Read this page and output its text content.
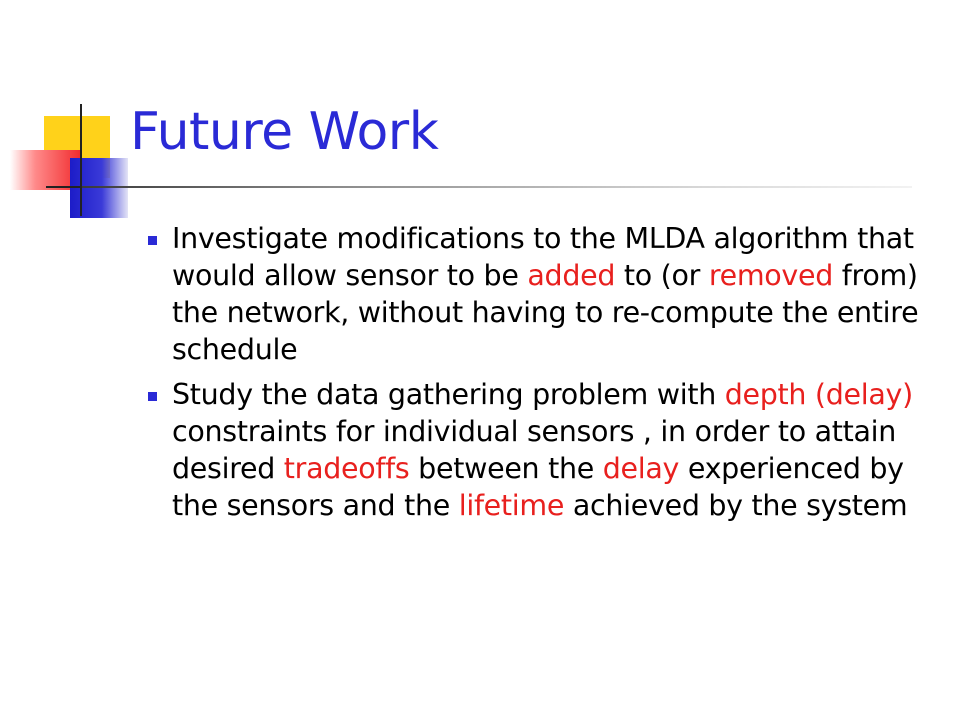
Future Work
Investigate modifications to the MLDA algorithm that would allow sensor to be added to (or removed from) the network, without having to re-compute the entire schedule
Study the data gathering problem with depth (delay) constraints for individual sensors , in order to attain desired tradeoffs between the delay experienced by the sensors and the lifetime achieved by the system
